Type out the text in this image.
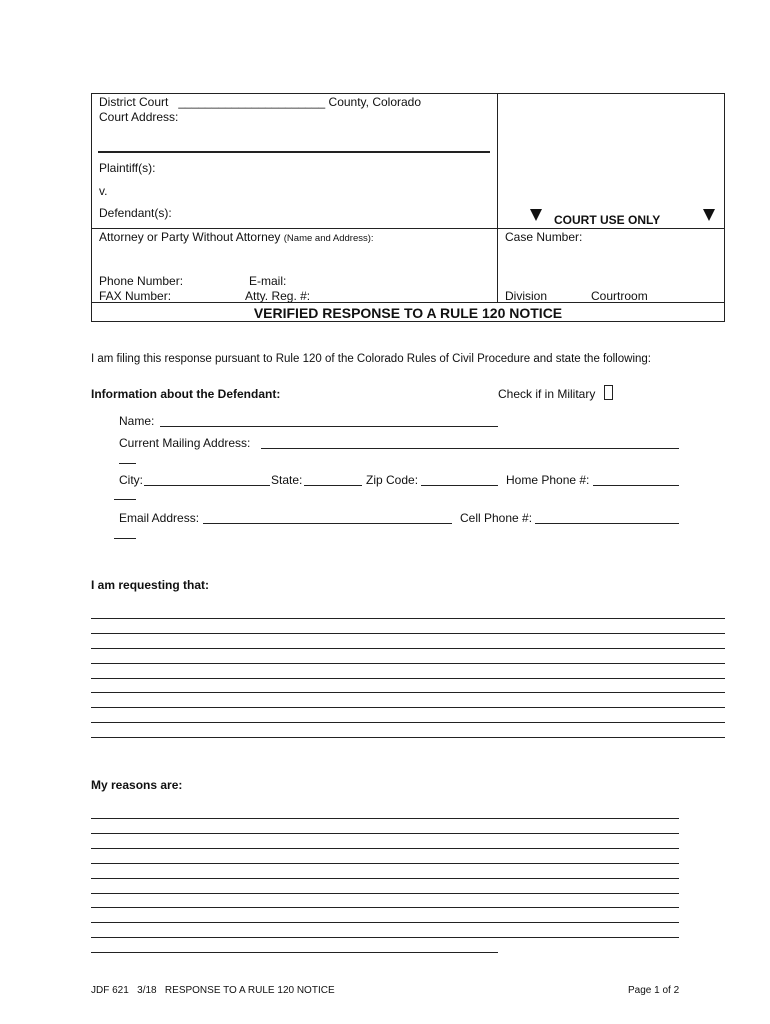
District Court ______________________ County, Colorado
Court Address:
Plaintiff(s):
v.
Defendant(s):	COURT USE ONLY
Attorney or Party Without Attorney (Name and Address):	Case Number:
Phone Number:	E-mail:
FAX Number:	Atty. Reg. #:	Division	Courtroom
VERIFIED RESPONSE TO A RULE 120 NOTICE
I am filing this response pursuant to Rule 120 of the Colorado Rules of Civil Procedure and state the following:
Information about the Defendant:	Check if in Military
Name:
Current Mailing Address:
City:	State:	Zip Code:	Home Phone #:
Email Address:	Cell Phone #:
I am requesting that:
My reasons are:
JDF 621   3/18   RESPONSE TO A RULE 120 NOTICE	Page 1 of 2
